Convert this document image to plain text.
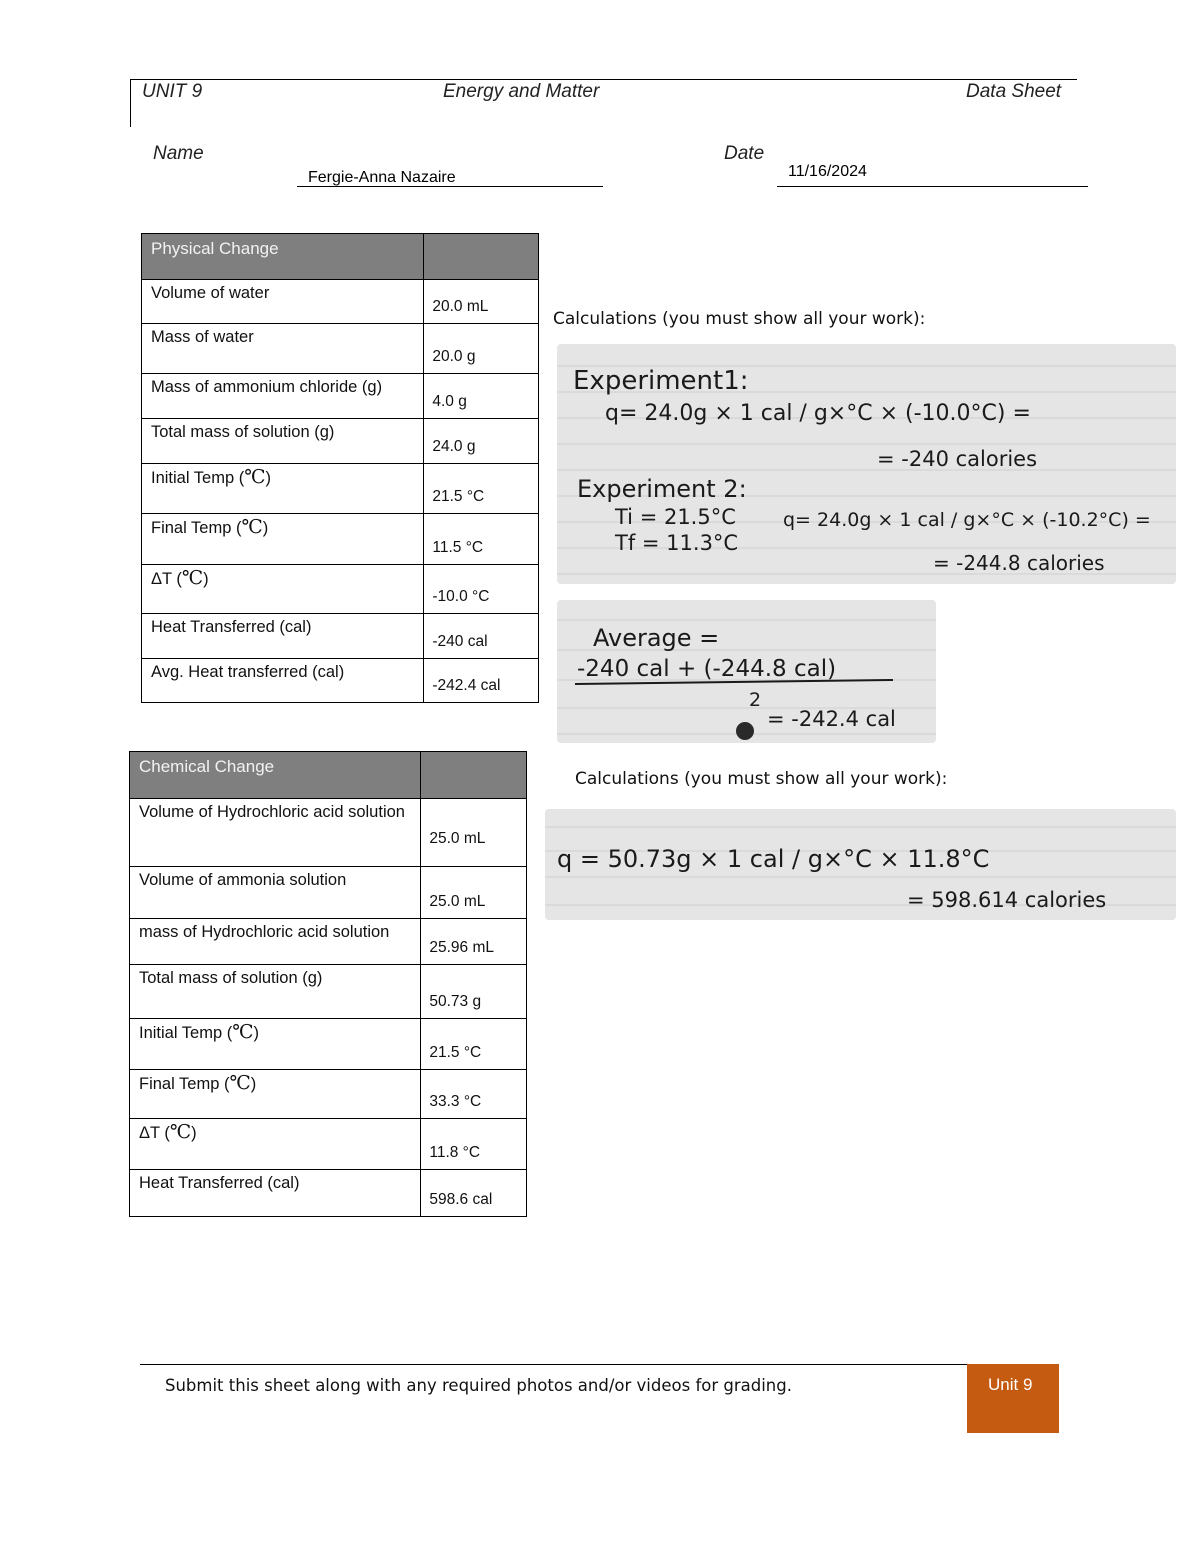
UNIT 9	Energy and Matter	Data Sheet
Name
Fergie-Anna Nazaire
Date
11/16/2024
Physical Change	

Volume of water	20.0 mL

Mass of water	20.0 g

Mass of ammonium chloride (g)	4.0 g

Total mass of solution (g)	24.0 g

Initial Temp (℃)	21.5 °C

Final Temp (℃)	11.5 °C

ΔT (℃)	-10.0 °C

Heat Transferred (cal)	-240 cal

Avg. Heat transferred (cal)	-242.4 cal
Chemical Change	

Volume of Hydrochloric acid solution	25.0 mL

Volume of ammonia solution	25.0 mL

mass of Hydrochloric acid solution	25.96 mL

Total mass of solution (g)	50.73 g

Initial Temp (℃)	21.5 °C

Final Temp (℃)	33.3 °C

ΔT (℃)	11.8 °C

Heat Transferred (cal)	598.6 cal
Calculations (you must show all your work):
Calculations (you must show all your work):
Experiment1:
q= 24.0g × 1 cal / g×°C × (-10.0°C) =
= -240 calories
Experiment 2:
Ti = 21.5°C
Tf = 11.3°C
q= 24.0g × 1 cal / g×°C × (-10.2°C) =
= -244.8 calories
Average =
-240 cal + (-244.8 cal)
2
= -242.4 cal
q = 50.73g × 1 cal / g×°C × 11.8°C
= 598.614 calories
Submit this sheet along with any required photos and/or videos for grading.	Unit 9
